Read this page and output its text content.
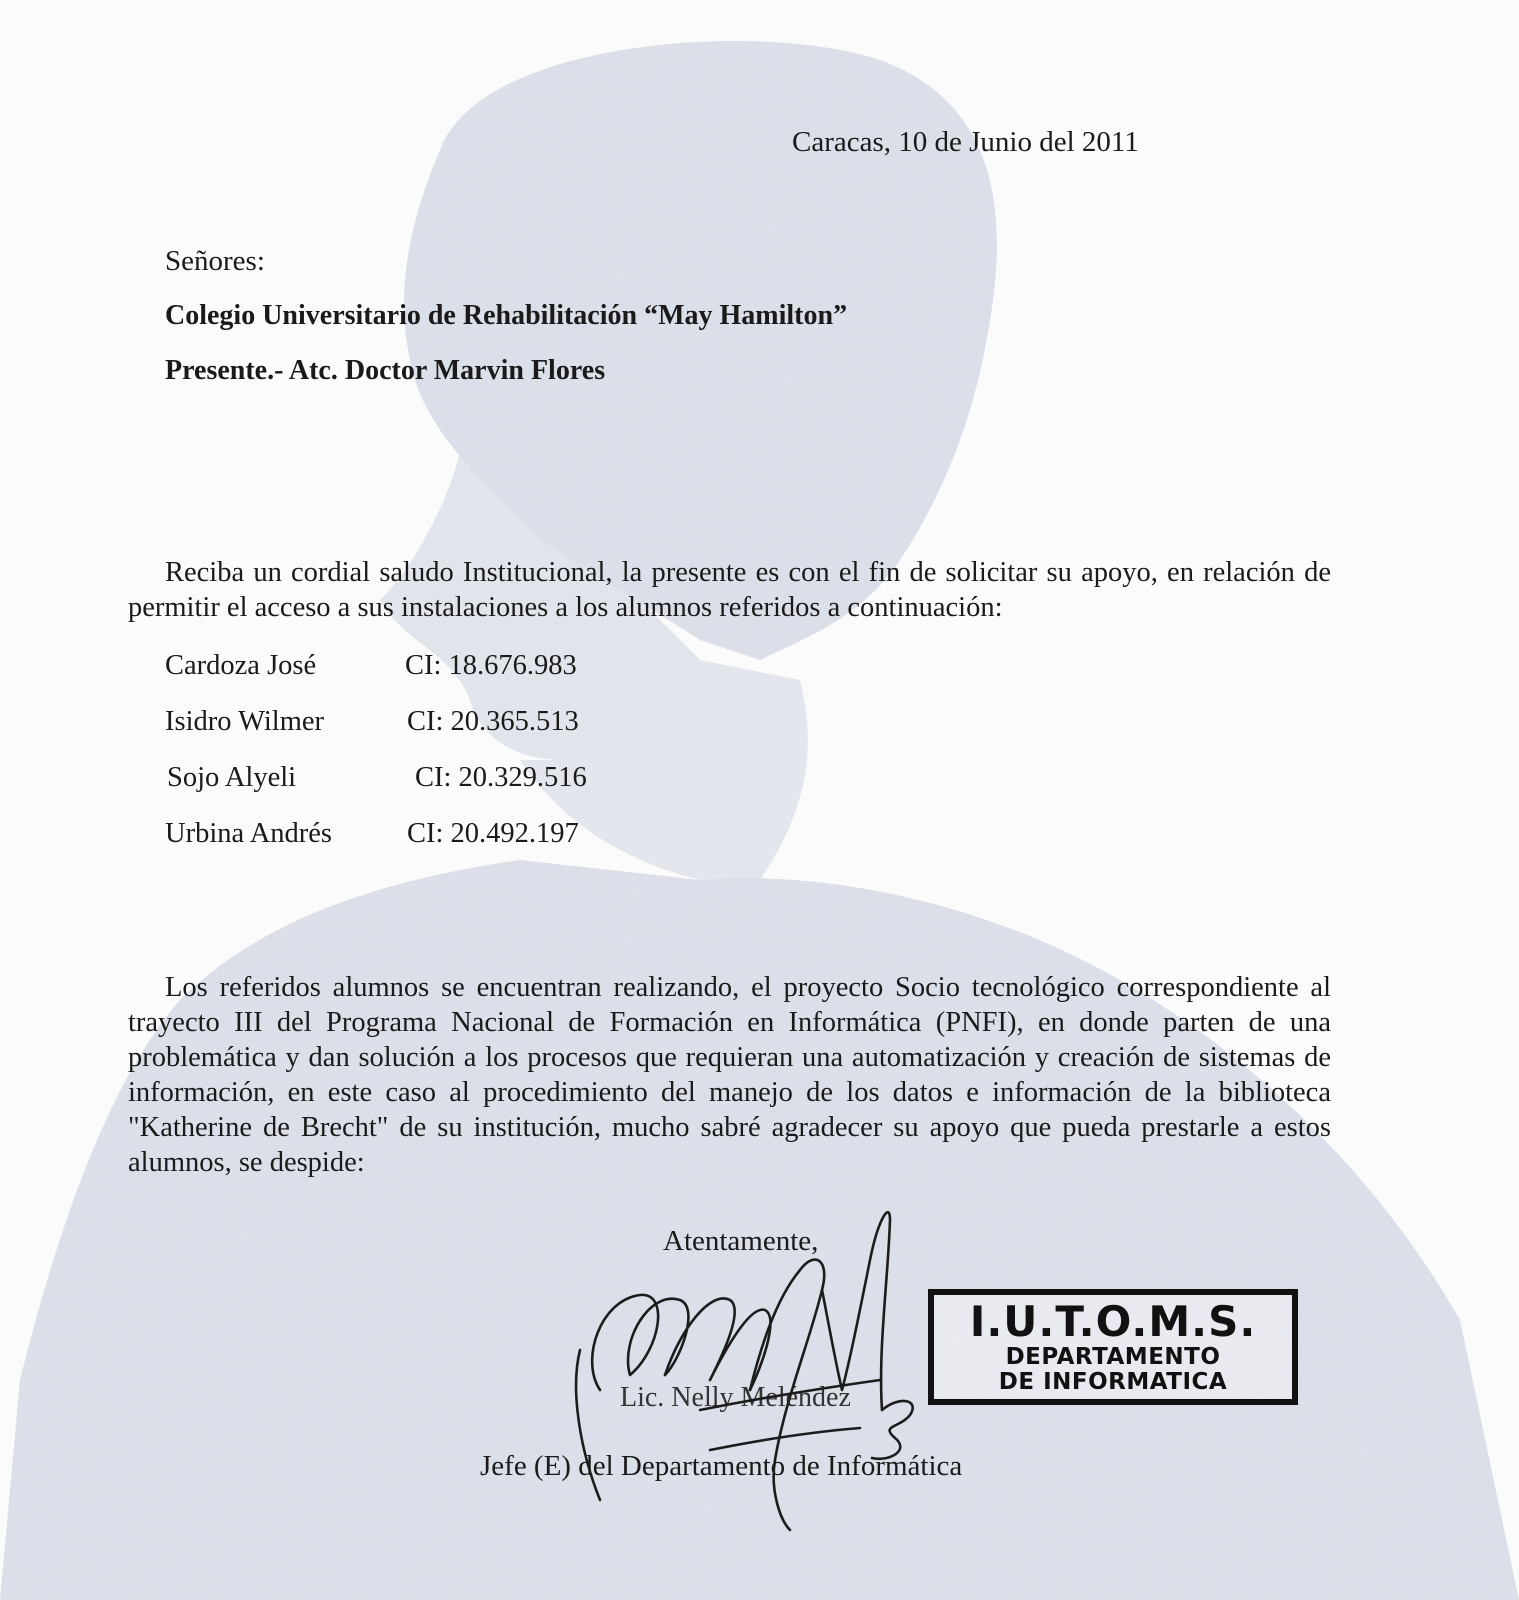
Caracas, 10 de Junio del 2011
Señores:
Colegio Universitario de Rehabilitación “May Hamilton”
Presente.- Atc. Doctor Marvin Flores

Reciba un cordial saludo Institucional, la presente es con el fin de solicitar su apoyo, en relación de permitir el acceso a sus instalaciones a los alumnos referidos a continuación:

Cardoza José	CI: 18.676.983
Isidro Wilmer	CI: 20.365.513
Sojo Alyeli	CI: 20.329.516
Urbina Andrés	CI: 20.492.197

Los referidos alumnos se encuentran realizando, el proyecto Socio tecnológico correspondiente al trayecto III del Programa Nacional de Formación en Informática (PNFI), en donde parten de una problemática y dan solución a los procesos que requieran una automatización y creación de sistemas de información, en este caso al procedimiento del manejo de los datos e información de la biblioteca "Katherine de Brecht" de su institución, mucho sabré agradecer su apoyo que pueda prestarle a estos alumnos, se despide:

Atentamente,
Lic. Nelly Meléndez
Jefe (E) del Departamento de Informática
I.U.T.O.M.S.
DEPARTAMENTO
DE INFORMATICA
